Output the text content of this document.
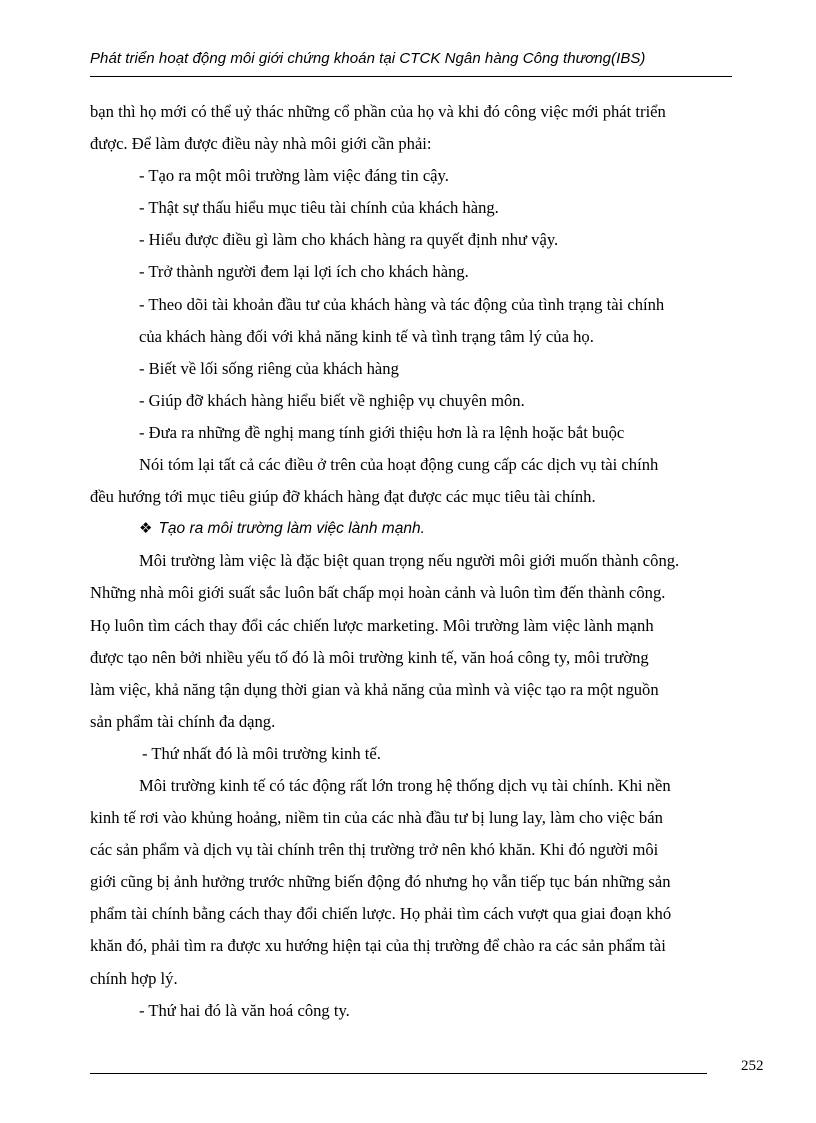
Phát triển hoạt động môi giới chứng khoán tại CTCK Ngân hàng Công thương(IBS)
bạn thì họ mới có thể uỷ thác những cổ phần của họ và khi đó công việc mới phát triển
được. Để làm được điều này nhà môi giới cần phải:
- Tạo ra một môi trường làm việc đáng tin cậy.
- Thật sự thấu hiểu mục tiêu tài chính của khách hàng.
- Hiểu được điều gì làm cho khách hàng ra quyết định như vậy.
- Trở thành người đem lại lợi ích cho khách hàng.
- Theo dõi tài khoản đầu tư của khách hàng và tác động của tình trạng tài chính
của khách hàng đối với khả năng kinh tế và tình trạng tâm lý của họ.
- Biết về lối sống riêng của khách hàng
- Giúp đỡ khách hàng hiểu biết về nghiệp vụ chuyên môn.
- Đưa ra những đề nghị mang tính giới thiệu hơn là ra lệnh hoặc bắt buộc
Nói tóm lại tất cả các điều ở trên của hoạt động cung cấp các dịch vụ tài chính
đều hướng tới mục tiêu giúp đỡ khách hàng đạt được các mục tiêu tài chính.
❖ Tạo ra môi trường làm việc lành mạnh.
Môi trường làm việc là đặc biệt quan trọng nếu người môi giới muốn thành công.
Những nhà môi giới suất sắc luôn bất chấp mọi hoàn cảnh và luôn tìm đến thành công.
Họ luôn tìm cách thay đổi các chiến lược marketing. Môi trường làm việc lành mạnh
được tạo nên bởi nhiều yếu tố đó là môi trường kinh tế, văn hoá công ty, môi trường
làm việc, khả năng tận dụng thời gian và khả năng của mình và việc tạo ra một nguồn
sản phẩm tài chính đa dạng.
- Thứ nhất đó là môi trường kinh tế.
Môi trường kinh tế có tác động rất lớn trong hệ thống dịch vụ tài chính. Khi nền
kinh tế rơi vào khủng hoảng, niềm tin của các nhà đầu tư bị lung lay, làm cho việc bán
các sản phẩm và dịch vụ tài chính trên thị trường trở nên khó khăn. Khi đó người môi
giới cũng bị ảnh hưởng trước những biến động đó nhưng họ vẫn tiếp tục bán những sản
phẩm tài chính bằng cách thay đổi chiến lược. Họ phải tìm cách vượt qua giai đoạn khó
khăn đó, phải tìm ra được xu hướng hiện tại của thị trường để chào ra các sản phẩm tài
chính hợp lý.
- Thứ hai đó là văn hoá công ty.
252
